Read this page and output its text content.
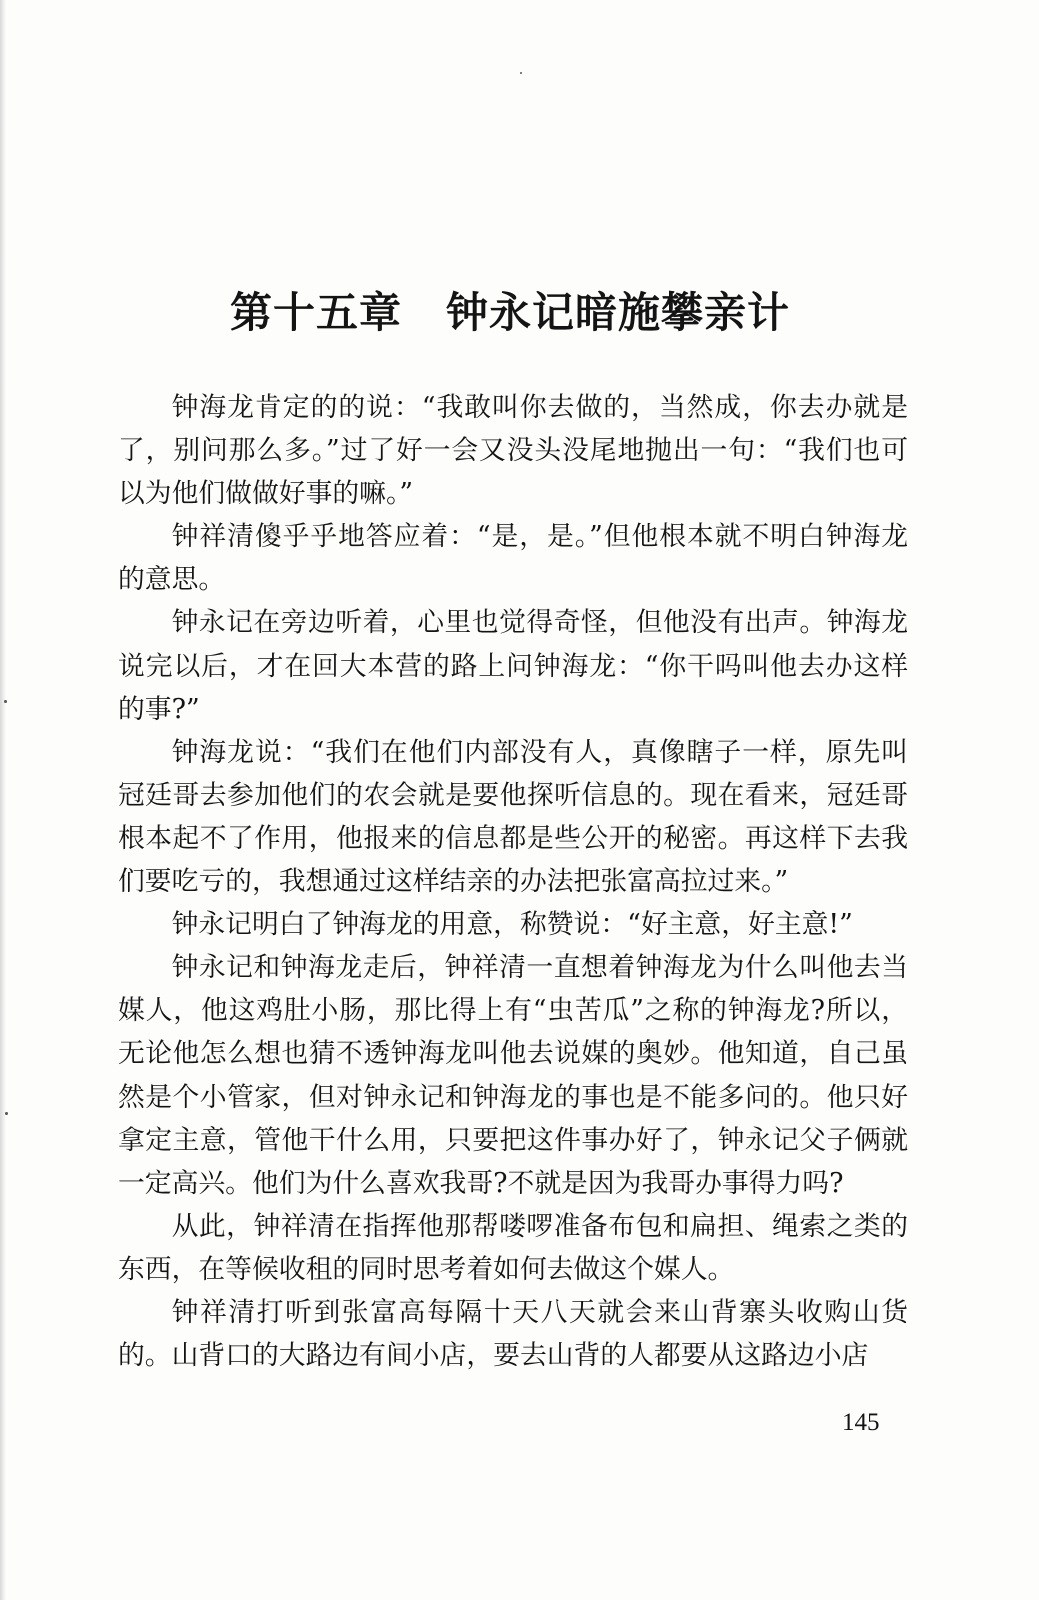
第十五章 钟永记暗施攀亲计

钟海龙肯定的的说：“我敢叫你去做的，当然成，你去办就是了，别问那么多。”过了好一会又没头没尾地抛出一句：“我们也可以为他们做做好事的嘛。”

钟祥清傻乎乎地答应着：“是，是。”但他根本就不明白钟海龙的意思。

钟永记在旁边听着，心里也觉得奇怪，但他没有出声。钟海龙说完以后，才在回大本营的路上问钟海龙：“你干吗叫他去办这样的事?”

钟海龙说：“我们在他们内部没有人，真像瞎子一样，原先叫冠廷哥去参加他们的农会就是要他探听信息的。现在看来，冠廷哥根本起不了作用，他报来的信息都是些公开的秘密。再这样下去我们要吃亏的，我想通过这样结亲的办法把张富高拉过来。”

钟永记明白了钟海龙的用意，称赞说：“好主意，好主意!”

钟永记和钟海龙走后，钟祥清一直想着钟海龙为什么叫他去当媒人，他这鸡肚小肠，那比得上有“虫苦瓜”之称的钟海龙?所以，无论他怎么想也猜不透钟海龙叫他去说媒的奥妙。他知道，自己虽然是个小管家，但对钟永记和钟海龙的事也是不能多问的。他只好拿定主意，管他干什么用，只要把这件事办好了，钟永记父子俩就一定高兴。他们为什么喜欢我哥?不就是因为我哥办事得力吗?

从此，钟祥清在指挥他那帮喽啰准备布包和扁担、绳索之类的东西，在等候收租的同时思考着如何去做这个媒人。

钟祥清打听到张富高每隔十天八天就会来山背寨头收购山货的。山背口的大路边有间小店，要去山背的人都要从这路边小店

145
